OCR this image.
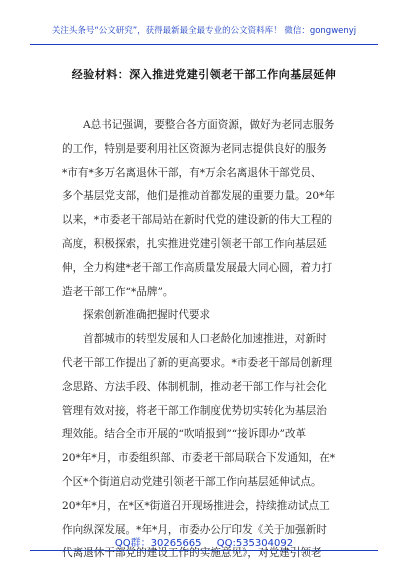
关注头条号“公文研究”，获得最新最全最专业的公文资料库！ 微信：gongwenyj
经验材料：深入推进党建引领老干部工作向基层延伸
A总书记强调，要整合各方面资源，做好为老同志服务
的工作，特别是要利用社区资源为老同志提供良好的服务
*市有*多万名离退休干部，有*万余名离退休干部党员、
多个基层党支部，他们是推动首都发展的重要力量。20*年
以来，*市委老干部局站在新时代党的建设新的伟大工程的
高度，积极探索，扎实推进党建引领老干部工作向基层延
伸，全力构建*老干部工作高质量发展最大同心圆，着力打
造老干部工作“*品牌”。
探索创新准确把握时代要求
首都城市的转型发展和人口老龄化加速推进，对新时
代老干部工作提出了新的更高要求。*市委老干部局创新理
念思路、方法手段、体制机制，推动老干部工作与社会化
管理有效对接，将老干部工作制度优势切实转化为基层治
理效能。结合全市开展的“吹哨报到”“接诉即办”改革
20*年*月，市委组织部、市委老干部局联合下发通知，在*
个区*个街道启动党建引领老干部工作向基层延伸试点。
20*年*月，在*区*街道召开现场推进会，持续推动试点工
作向纵深发展。*年*月，市委办公厅印发《关于加强新时
代离退休干部党的建设工作的实施意见》，对党建引领老
QQ群：30265665 QQ:535304092
